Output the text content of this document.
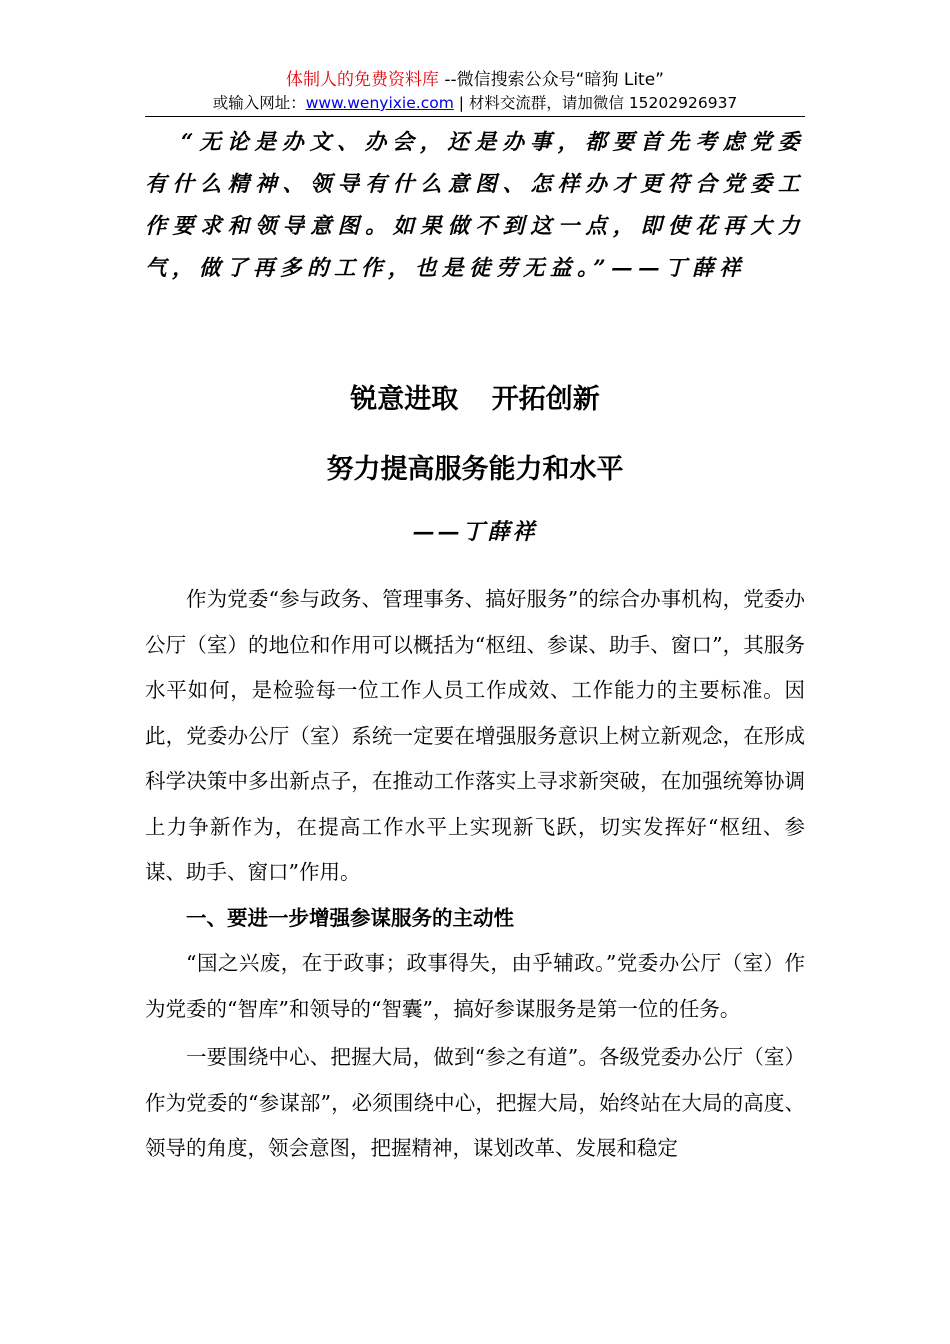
体制人的免费资料库 --微信搜索公众号“暗狗 Lite”
或输入网址：www.wenyixie.com | 材料交流群，请加微信 15202926937
“无论是办文、办会，还是办事，都要首先考虑党委有什么精神、领导有什么意图、怎样办才更符合党委工作要求和领导意图。如果做不到这一点，即使花再大力气，做了再多的工作，也是徒劳无益。”——丁薛祥
锐意进取 开拓创新
努力提高服务能力和水平
——丁薛祥

作为党委“参与政务、管理事务、搞好服务”的综合办事机构，党委办公厅（室）的地位和作用可以概括为“枢纽、参谋、助手、窗口”，其服务水平如何，是检验每一位工作人员工作成效、工作能力的主要标准。因此，党委办公厅（室）系统一定要在增强服务意识上树立新观念，在形成科学决策中多出新点子，在推动工作落实上寻求新突破，在加强统筹协调上力争新作为，在提高工作水平上实现新飞跃，切实发挥好“枢纽、参谋、助手、窗口”作用。

一、要进一步增强参谋服务的主动性

“国之兴废，在于政事；政事得失，由乎辅政。”党委办公厅（室）作为党委的“智库”和领导的“智囊”，搞好参谋服务是第一位的任务。

一要围绕中心、把握大局，做到“参之有道”。各级党委办公厅（室）作为党委的“参谋部”，必须围绕中心，把握大局，始终站在大局的高度、领导的角度，领会意图，把握精神，谋划改革、发展和稳定
